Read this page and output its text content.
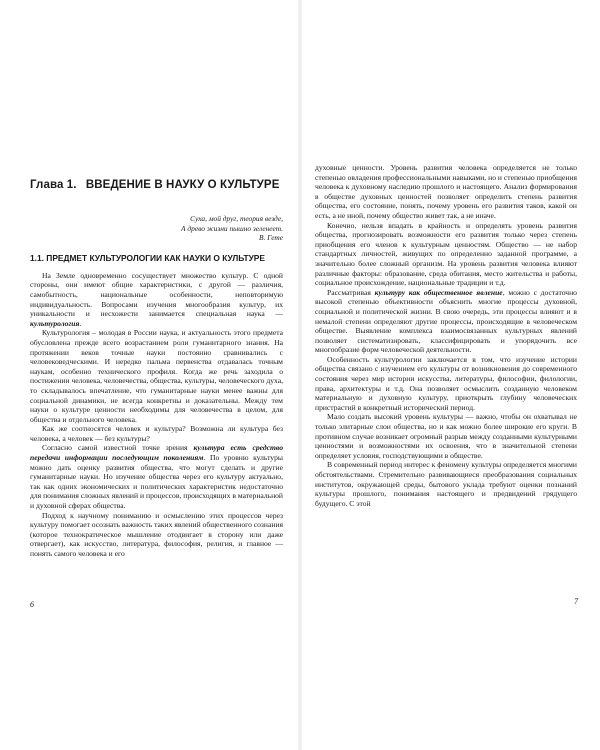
Глава 1. ВВЕДЕНИЕ В НАУКУ О КУЛЬТУРЕ
Суха, мой друг, теория везде,
А древо жизни пышно зеленеет.
В. Гете
1.1. ПРЕДМЕТ КУЛЬТУРОЛОГИИ КАК НАУКИ О КУЛЬТУРЕ

На Земле одновременно сосуществует множество культур. С одной стороны, они имеют общие характеристики, с другой — различия, самобытность, национальные особенности, неповторимую индивидуальность. Вопросами изучения многообразия культур, их уникальности и несхожести занимается специальная наука — культурология.

Культурология – молодая в России наука, и актуальность этого предмета обусловлена прежде всего возрастанием роли гуманитарного знания. На протяжении веков точные науки постоянно сравнивались с человековедческими. И нередко пальма первенства отдавалась точным наукам, особенно технического профиля. Когда же речь заходила о постижении человека, человечества, общества, культуры, человеческого духа, то складывалось впечатление, что гуманитарные науки менее важны для социальной динамики, не всегда конкретны и доказательны. Между тем науки о культуре ценности необходимы для человечества в целом, для общества и отдельного человека.

Как же соотносятся человек и культура? Возможна ли культура без человека, а человек — без культуры?

Согласно самой известной точке зрения культура есть средство передачи информации последующим поколениям. По уровню культуры можно дать оценку развития общества, что могут сделать и другие гуманитарные науки. Но изучение общества через его культуру актуально, так как одних экономических и политических характеристик недостаточно для понимания сложных явлений и процессов, происходящих в материальной и духовной сферах общества.

Подход к научному пониманию и осмыслению этих процессов через культуру помогает осознать важность таких явлений общественного сознания (которое технократическое мышление отодвигает в сторону или даже отвергает), как искусство, литература, философия, религия, и главное — понять самого человека и его

6

духовные ценности. Уровень развития человека определяется не только степенью овладения профессиональными навыками, но и степенью приобщения человека к духовному наследию прошлого и настоящего. Анализ формирования в обществе духовных ценностей позволяет определить степень развития общества, его состояние, понять, почему уровень его развития таков, какой он есть, а не иной, почему общество живет так, а не иначе.

Конечно, нельзя впадать в крайность и определять уровень развития общества, прогнозировать возможности его развития только через степень приобщения его членов к культурным ценностям. Общество — не набор стандартных личностей, живущих по определенно заданной программе, а значительно более сложный организм. На уровень развития человека влияют различные факторы: образование, среда обитания, место жительства и работы, социальное происхождение, национальные традиции и т.д.

Рассматривая культуру как общественное явление, можно с достаточно высокой степенью объективности объяснить многие процессы духовной, социальной и политической жизни. В свою очередь, эти процессы влияют и в немалой степени определяют другие процессы, происходящие в человеческом обществе. Выявление комплекса взаимосвязанных культурных явлений позволяет систематизировать, классифицировать и упорядочить все многообразие форм человеческой деятельности.

Особенность культурологии заключается в том, что изучение истории общества связано с изучением его культуры от возникновения до современного состояния через мир истории искусства, литературы, философии, филологии, права, архитектуры и т.д. Она позволяет осмыслить созданную человеком материальную и духовную культуру, приоткрыть глубину человеческих пристрастий в конкретный исторический период.

Мало создать высокий уровень культуры — важно, чтобы он охватывал не только элитарные слои общества, но и как можно более широкие его круги. В противном случае возникает огромный разрыв между созданными культурными ценностями и возможностями их освоения, что в значительной степени определяет условия, господствующими в обществе.

В современный период интерес к феномену культуры определяется многими обстоятельствами. Стремительно развивающиеся преобразования социальных институтов, окружающей среды, бытового уклада требуют оценки познаний культуры прошлого, понимания настоящего и предвидений грядущего будущего. С этой

7
